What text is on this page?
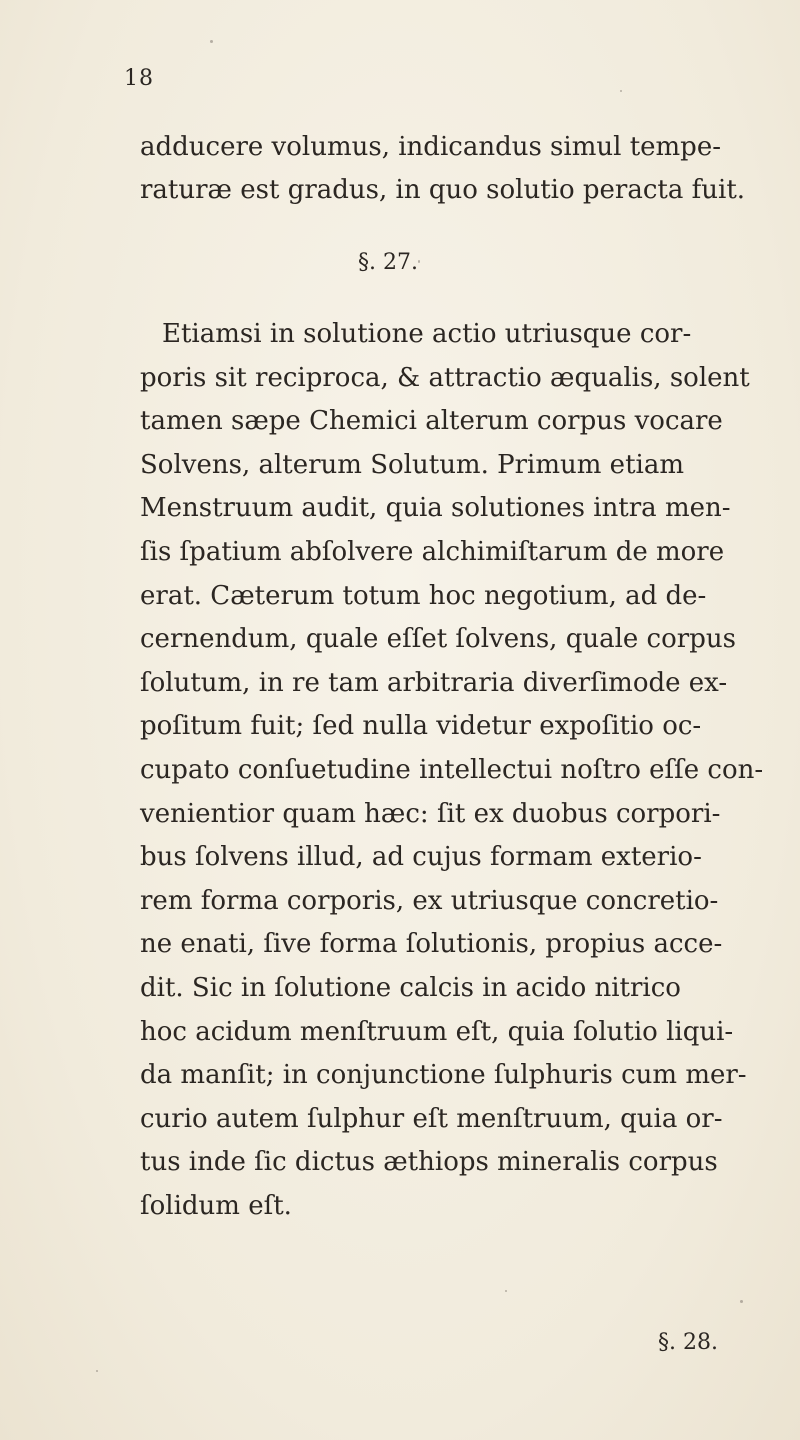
18
adducere volumus, indicandus simul tempe-
raturæ est gradus, in quo solutio peracta fuit.
§. 27.
Etiamsi in solutione actio utriusque cor-
poris sit reciproca, & attractio æqualis, solent
tamen sæpe Chemici alterum corpus vocare
Solvens, alterum Solutum. Primum etiam
Menstruum audit, quia solutiones intra men-
ſis ſpatium abſolvere alchimiſtarum de more
erat. Cæterum totum hoc negotium, ad de-
cernendum, quale eſſet ſolvens, quale corpus
ſolutum, in re tam arbitraria diverſimode ex-
poſitum fuit; ſed nulla videtur expoſitio oc-
cupato conſuetudine intellectui noſtro eſſe con-
venientior quam hæc: ſit ex duobus corpori-
bus ſolvens illud, ad cujus formam exterio-
rem forma corporis, ex utriusque concretio-
ne enati, ſive forma ſolutionis, propius acce-
dit. Sic in ſolutione calcis in acido nitrico
hoc acidum menſtruum eſt, quia ſolutio liqui-
da manſit; in conjunctione ſulphuris cum mer-
curio autem ſulphur eſt menſtruum, quia or-
tus inde ſic dictus æthiops mineralis corpus
ſolidum eſt.
§. 28.
